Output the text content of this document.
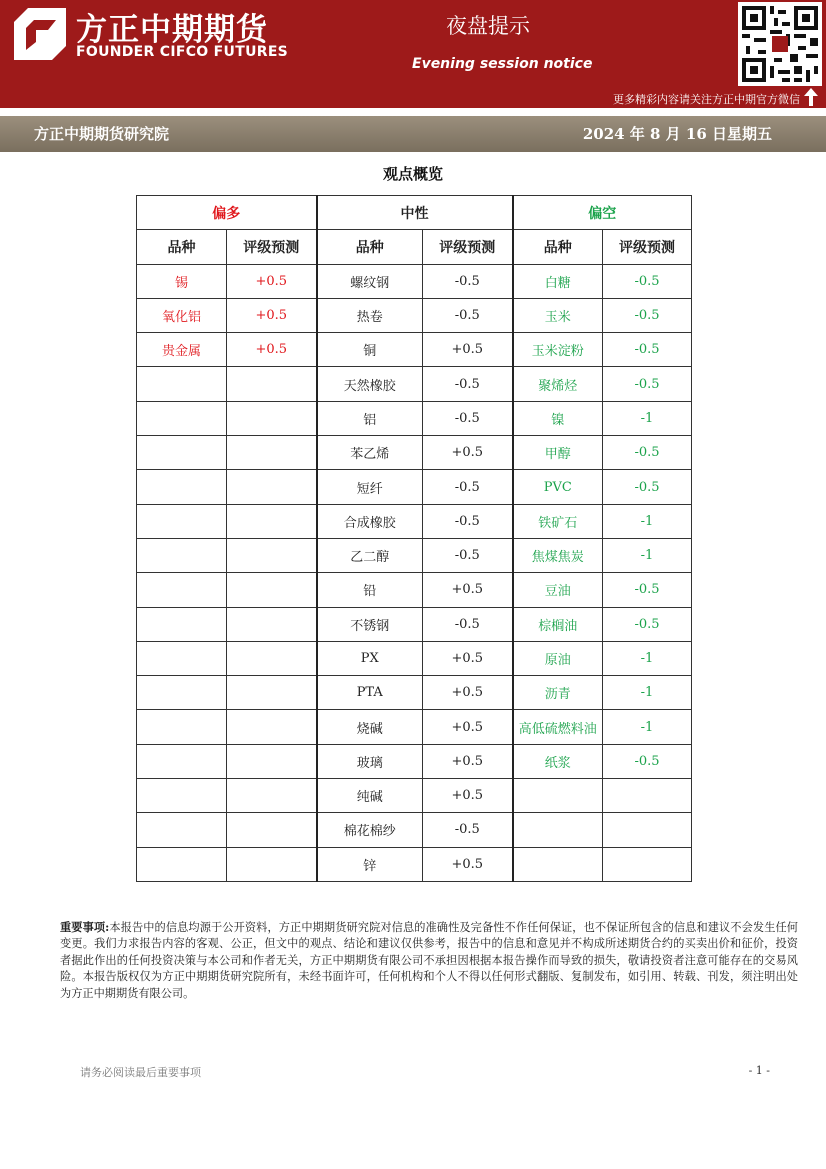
方正中期期货
FOUNDER CIFCO FUTURES
夜盘提示
Evening session notice
更多精彩内容请关注方正中期官方微信
方正中期期货研究院	2024 年 8 月 16 日星期五
观点概览
偏多		中性		偏空	
品种	评级预测	品种	评级预测	品种	评级预测
锡	+0.5	螺纹钢	-0.5	白糖	-0.5
氧化铝	+0.5	热卷	-0.5	玉米	-0.5
贵金属	+0.5	铜	+0.5	玉米淀粉	-0.5
		天然橡胶	-0.5	聚烯烃	-0.5
		铝	-0.5	镍	-1
		苯乙烯	+0.5	甲醇	-0.5
		短纤	-0.5	PVC	-0.5
		合成橡胶	-0.5	铁矿石	-1
		乙二醇	-0.5	焦煤焦炭	-1
		铅	+0.5	豆油	-0.5
		不锈钢	-0.5	棕榈油	-0.5
		PX	+0.5	原油	-1
		PTA	+0.5	沥青	-1
		烧碱	+0.5	高低硫燃料油	-1
		玻璃	+0.5	纸浆	-0.5
		纯碱	+0.5		
		棉花棉纱	-0.5		
		锌	+0.5		
重要事项:本报告中的信息均源于公开资料，方正中期期货研究院对信息的准确性及完备性不作任何保证，也不保证所包含的信息和建议不会发生任何变更。我们力求报告内容的客观、公正，但文中的观点、结论和建议仅供参考，报告中的信息和意见并不构成所述期货合约的买卖出价和征价，投资者据此作出的任何投资决策与本公司和作者无关，方正中期期货有限公司不承担因根据本报告操作而导致的损失，敬请投资者注意可能存在的交易风险。本报告版权仅为方正中期期货研究院所有，未经书面许可，任何机构和个人不得以任何形式翻版、复制发布，如引用、转载、刊发，须注明出处为方正中期期货有限公司。
请务必阅读最后重要事项	- 1 -
